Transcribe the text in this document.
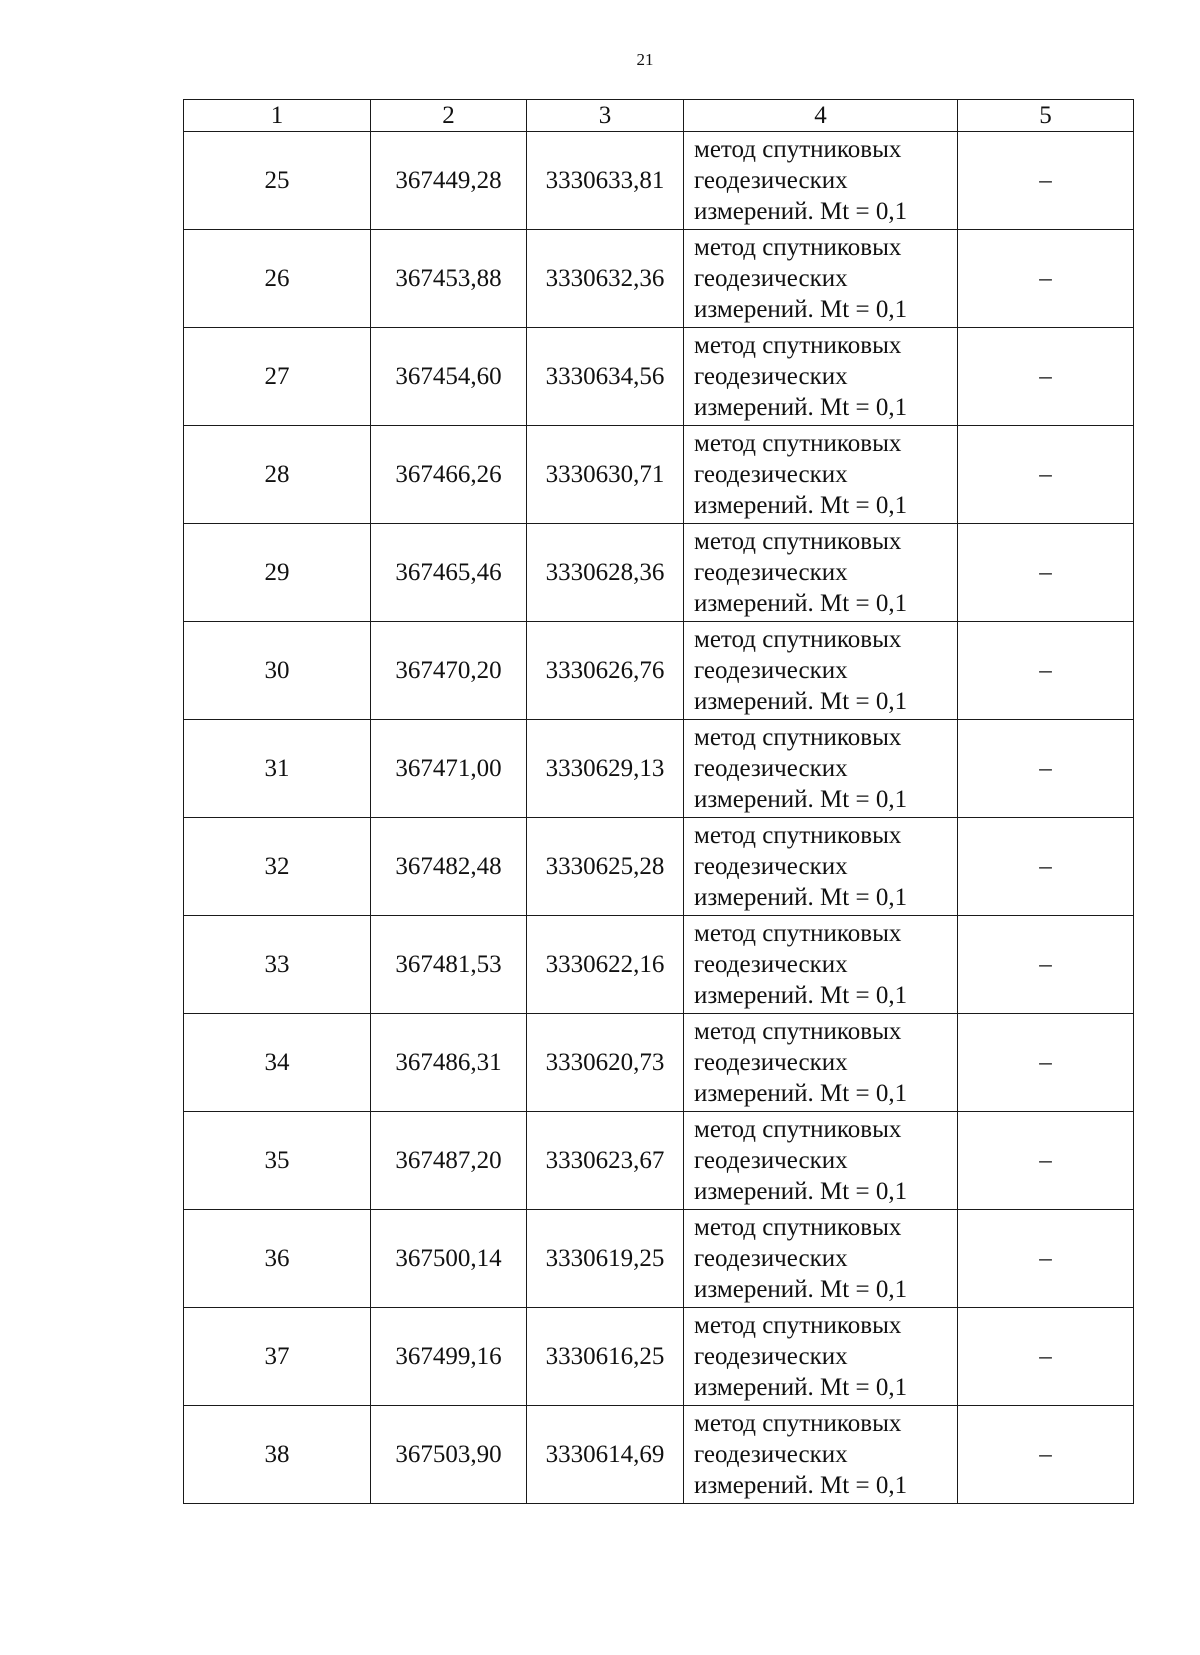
21
1	2	3	4	5
25	367449,28	3330633,81	метод спутниковых
геодезических
измерений. Mt = 0,1	–
26	367453,88	3330632,36	метод спутниковых
геодезических
измерений. Mt = 0,1	–
27	367454,60	3330634,56	метод спутниковых
геодезических
измерений. Mt = 0,1	–
28	367466,26	3330630,71	метод спутниковых
геодезических
измерений. Mt = 0,1	–
29	367465,46	3330628,36	метод спутниковых
геодезических
измерений. Mt = 0,1	–
30	367470,20	3330626,76	метод спутниковых
геодезических
измерений. Mt = 0,1	–
31	367471,00	3330629,13	метод спутниковых
геодезических
измерений. Mt = 0,1	–
32	367482,48	3330625,28	метод спутниковых
геодезических
измерений. Mt = 0,1	–
33	367481,53	3330622,16	метод спутниковых
геодезических
измерений. Mt = 0,1	–
34	367486,31	3330620,73	метод спутниковых
геодезических
измерений. Mt = 0,1	–
35	367487,20	3330623,67	метод спутниковых
геодезических
измерений. Mt = 0,1	–
36	367500,14	3330619,25	метод спутниковых
геодезических
измерений. Mt = 0,1	–
37	367499,16	3330616,25	метод спутниковых
геодезических
измерений. Mt = 0,1	–
38	367503,90	3330614,69	метод спутниковых
геодезических
измерений. Mt = 0,1	–
